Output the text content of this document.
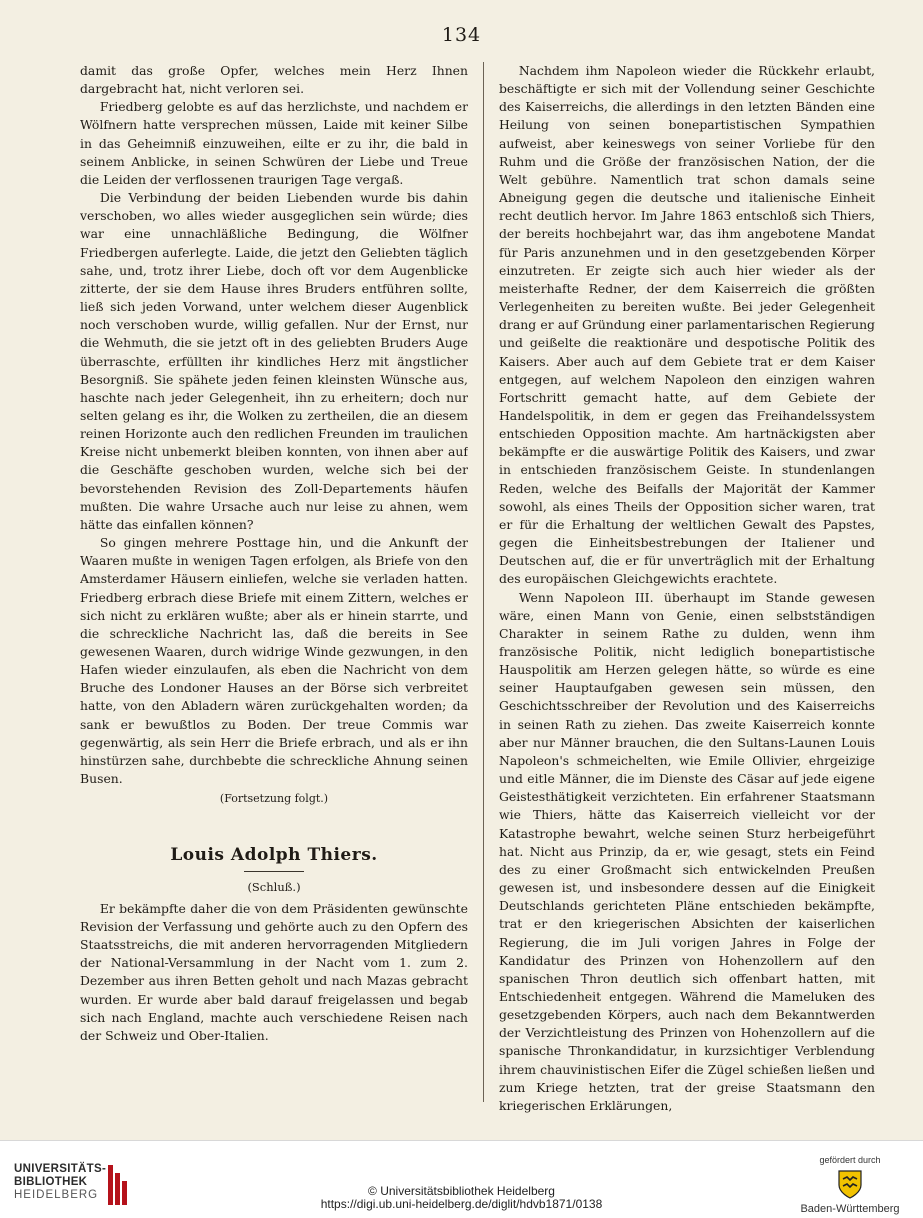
134

damit das große Opfer, welches mein Herz Ihnen dargebracht hat, nicht verloren sei.

Friedberg gelobte es auf das herzlichste, und nachdem er Wölfnern hatte versprechen müssen, Laide mit keiner Silbe in das Geheimniß einzuweihen, eilte er zu ihr, die bald in seinem Anblicke, in seinen Schwüren der Liebe und Treue die Leiden der verflossenen traurigen Tage vergaß.

Die Verbindung der beiden Liebenden wurde bis dahin verschoben, wo alles wieder ausgeglichen sein würde; dies war eine unnachläßliche Bedingung, die Wölfner Friedbergen auferlegte. Laide, die jetzt den Geliebten täglich sahe, und, trotz ihrer Liebe, doch oft vor dem Augenblicke zitterte, der sie dem Hause ihres Bruders entführen sollte, ließ sich jeden Vorwand, unter welchem dieser Augenblick noch verschoben wurde, willig gefallen. Nur der Ernst, nur die Wehmuth, die sie jetzt oft in des geliebten Bruders Auge überraschte, erfüllten ihr kindliches Herz mit ängstlicher Besorgniß. Sie spähete jeden feinen kleinsten Wünsche aus, haschte nach jeder Gelegenheit, ihn zu erheitern; doch nur selten gelang es ihr, die Wolken zu zertheilen, die an diesem reinen Horizonte auch den redlichen Freunden im traulichen Kreise nicht unbemerkt bleiben konnten, von ihnen aber auf die Geschäfte geschoben wurden, welche sich bei der bevorstehenden Revision des Zoll-Departements häufen mußten. Die wahre Ursache auch nur leise zu ahnen, wem hätte das einfallen können?

So gingen mehrere Posttage hin, und die Ankunft der Waaren mußte in wenigen Tagen erfolgen, als Briefe von den Amsterdamer Häusern einliefen, welche sie verladen hatten. Friedberg erbrach diese Briefe mit einem Zittern, welches er sich nicht zu erklären wußte; aber als er hinein starrte, und die schreckliche Nachricht las, daß die bereits in See gewesenen Waaren, durch widrige Winde gezwungen, in den Hafen wieder einzulaufen, als eben die Nachricht von dem Bruche des Londoner Hauses an der Börse sich verbreitet hatte, von den Abladern wären zurückgehalten worden; da sank er bewußtlos zu Boden. Der treue Commis war gegenwärtig, als sein Herr die Briefe erbrach, und als er ihn hinstürzen sahe, durchbebte die schreckliche Ahnung seinen Busen.

(Fortsetzung folgt.)
Louis Adolph Thiers.
(Schluß.)

Er bekämpfte daher die von dem Präsidenten gewünschte Revision der Verfassung und gehörte auch zu den Opfern des Staatsstreichs, die mit anderen hervorragenden Mitgliedern der National-Versammlung in der Nacht vom 1. zum 2. Dezember aus ihren Betten geholt und nach Mazas gebracht wurden. Er wurde aber bald darauf freigelassen und begab sich nach England, machte auch verschiedene Reisen nach der Schweiz und Ober-Italien.

Nachdem ihm Napoleon wieder die Rückkehr erlaubt, beschäftigte er sich mit der Vollendung seiner Geschichte des Kaiserreichs, die allerdings in den letzten Bänden eine Heilung von seinen bonepartistischen Sympathien aufweist, aber keineswegs von seiner Vorliebe für den Ruhm und die Größe der französischen Nation, der die Welt gebühre. Namentlich trat schon damals seine Abneigung gegen die deutsche und italienische Einheit recht deutlich hervor. Im Jahre 1863 entschloß sich Thiers, der bereits hochbejahrt war, das ihm angebotene Mandat für Paris anzunehmen und in den gesetzgebenden Körper einzutreten. Er zeigte sich auch hier wieder als der meisterhafte Redner, der dem Kaiserreich die größten Verlegenheiten zu bereiten wußte. Bei jeder Gelegenheit drang er auf Gründung einer parlamentarischen Regierung und geißelte die reaktionäre und despotische Politik des Kaisers. Aber auch auf dem Gebiete trat er dem Kaiser entgegen, auf welchem Napoleon den einzigen wahren Fortschritt gemacht hatte, auf dem Gebiete der Handelspolitik, in dem er gegen das Freihandelssystem entschieden Opposition machte. Am hartnäckigsten aber bekämpfte er die auswärtige Politik des Kaisers, und zwar in entschieden französischem Geiste. In stundenlangen Reden, welche des Beifalls der Majorität der Kammer sowohl, als eines Theils der Opposition sicher waren, trat er für die Erhaltung der weltlichen Gewalt des Papstes, gegen die Einheitsbestrebungen der Italiener und Deutschen auf, die er für unverträglich mit der Erhaltung des europäischen Gleichgewichts erachtete.

Wenn Napoleon III. überhaupt im Stande gewesen wäre, einen Mann von Genie, einen selbstständigen Charakter in seinem Rathe zu dulden, wenn ihm französische Politik, nicht lediglich bonepartistische Hauspolitik am Herzen gelegen hätte, so würde es eine seiner Hauptaufgaben gewesen sein müssen, den Geschichtsschreiber der Revolution und des Kaiserreichs in seinen Rath zu ziehen. Das zweite Kaiserreich konnte aber nur Männer brauchen, die den Sultans-Launen Louis Napoleon's schmeichelten, wie Emile Ollivier, ehrgeizige und eitle Männer, die im Dienste des Cäsar auf jede eigene Geistesthätigkeit verzichteten. Ein erfahrener Staatsmann wie Thiers, hätte das Kaiserreich vielleicht vor der Katastrophe bewahrt, welche seinen Sturz herbeigeführt hat. Nicht aus Prinzip, da er, wie gesagt, stets ein Feind des zu einer Großmacht sich entwickelnden Preußen gewesen ist, und insbesondere dessen auf die Einigkeit Deutschlands gerichteten Pläne entschieden bekämpfte, trat er den kriegerischen Absichten der kaiserlichen Regierung, die im Juli vorigen Jahres in Folge der Kandidatur des Prinzen von Hohenzollern auf den spanischen Thron deutlich sich offenbart hatten, mit Entschiedenheit entgegen. Während die Mameluken des gesetzgebenden Körpers, auch nach dem Bekanntwerden der Verzichtleistung des Prinzen von Hohenzollern auf die spanische Thronkandidatur, in kurzsichtiger Verblendung ihrem chauvinistischen Eifer die Zügel schießen ließen und zum Kriege hetzten, trat der greise Staatsmann den kriegerischen Erklärungen,

UNIVERSITÄTS-
BIBLIOTHEK
HEIDELBERG	© Universitätsbibliothek Heidelberg
https://digi.ub.uni-heidelberg.de/diglit/hdvb1871/0138
gefördert durch
Baden-Württemberg
